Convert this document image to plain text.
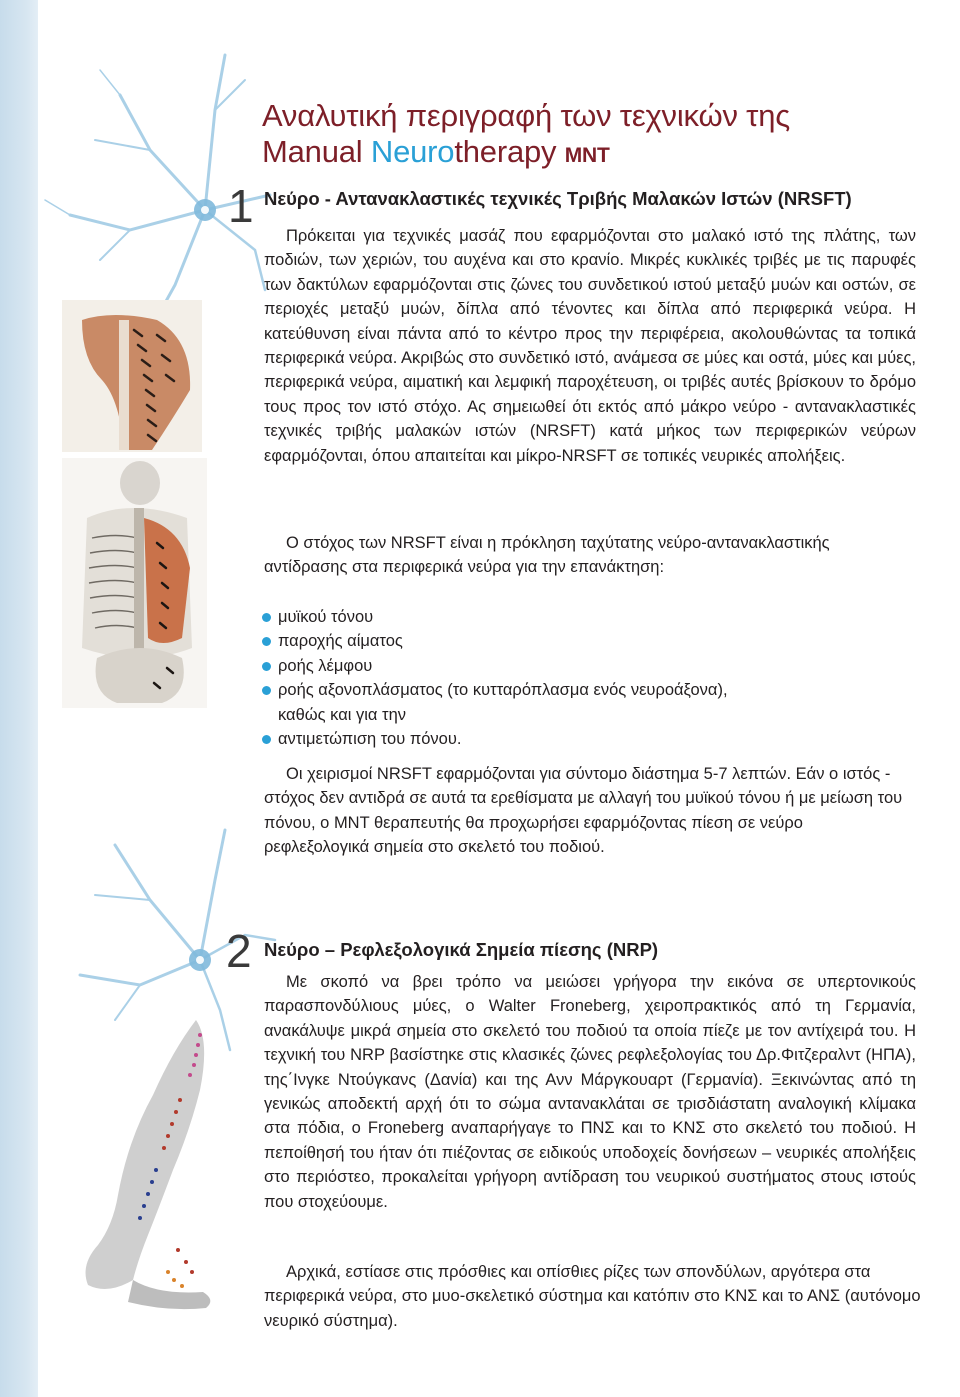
Αναλυτική περιγραφή των τεχνικών της
Manual Neurotherapy MNT
1 Νεύρο - Αντανακλαστικές τεχνικές Τριβής Μαλακών Ιστών (NRSFT)

Πρόκειται για τεχνικές μασάζ που εφαρμόζονται στο μαλακό ιστό της πλάτης, των ποδιών, των χεριών, του αυχένα και στο κρανίο. Μικρές κυκλικές τριβές με τις παρυφές των δακτύλων εφαρμόζονται στις ζώνες του συνδετικού ιστού μεταξύ μυών και οστών, σε περιοχές μεταξύ μυών, δίπλα από τένοντες και δίπλα από περιφερικά νεύρα. Η κατεύθυνση είναι πάντα από το κέντρο προς την περιφέρεια, ακολουθώντας τα τοπικά περιφερικά νεύρα. Ακριβώς στο συνδετικό ιστό, ανάμεσα σε μύες και οστά, μύες και μύες, περιφερικά νεύρα, αιματική και λεμφική παροχέτευση, οι τριβές αυτές βρίσκουν το δρόμο τους προς τον ιστό στόχο. Ας σημειωθεί ότι εκτός από μάκρο νεύρο - αντανακλαστικές τεχνικές τριβής μαλακών ιστών (NRSFT) κατά μήκος των περιφερικών νεύρων εφαρμόζονται, όπου απαιτείται και μίκρο-NRSFT σε τοπικές νευρικές απολήξεις.

Ο στόχος των NRSFT είναι η πρόκληση ταχύτατης νεύρο-αντανακλαστικής αντίδρασης στα περιφερικά νεύρα για την επανάκτηση:

μυϊκού τόνου
παροχής αίματος
ροής λέμφου
ροής αξονοπλάσματος (το κυτταρόπλασμα ενός νευροάξονα),
καθώς και για την
αντιμετώπιση του πόνου.

Οι χειρισμοί NRSFT εφαρμόζονται για σύντομο διάστημα 5-7 λεπτών. Εάν ο ιστός - στόχος δεν αντιδρά σε αυτά τα ερεθίσματα με αλλαγή του μυϊκού τόνου ή με μείωση του πόνου, ο MNT θεραπευτής θα προχωρήσει εφαρμόζοντας πίεση σε νεύρο ρεφλεξολογικά σημεία στο σκελετό του ποδιού.

2 Νεύρο – Ρεφλεξολογικά Σημεία πίεσης (NRP)

Με σκοπό να βρει τρόπο να μειώσει γρήγορα την εικόνα σε υπερτονικούς παρασπονδύλιους μύες, ο Walter Froneberg, χειροπρακτικός από τη Γερμανία, ανακάλυψε μικρά σημεία στο σκελετό του ποδιού τα οποία πίεζε με τον αντίχειρά του. Η τεχνική του NRP βασίστηκε στις κλασικές ζώνες ρεφλεξολογίας του Δρ.Φιτζεραλντ (ΗΠΑ), της΄Ινγκε Ντούγκανς (Δανία) και της Ανν Μάργκουαρτ (Γερμανία). Ξεκινώντας από τη γενικώς αποδεκτή αρχή ότι το σώμα αντανακλάται σε τρισδιάστατη αναλογική κλίμακα στα πόδια, ο Froneberg αναπαρήγαγε το ΠΝΣ και το ΚΝΣ στο σκελετό του ποδιού. Η πεποίθησή του ήταν ότι πιέζοντας σε ειδικούς υποδοχείς δονήσεων – νευρικές απολήξεις στο περιόστεο, προκαλείται γρήγορη αντίδραση του νευρικού συστήματος στους ιστούς που στοχεύουμε.

Αρχικά, εστίασε στις πρόσθιες και οπίσθιες ρίζες των σπονδύλων, αργότερα στα περιφερικά νεύρα, στο μυο-σκελετικό σύστημα και κατόπιν στο ΚΝΣ και το ΑΝΣ (αυτόνομο νευρικό σύστημα).
